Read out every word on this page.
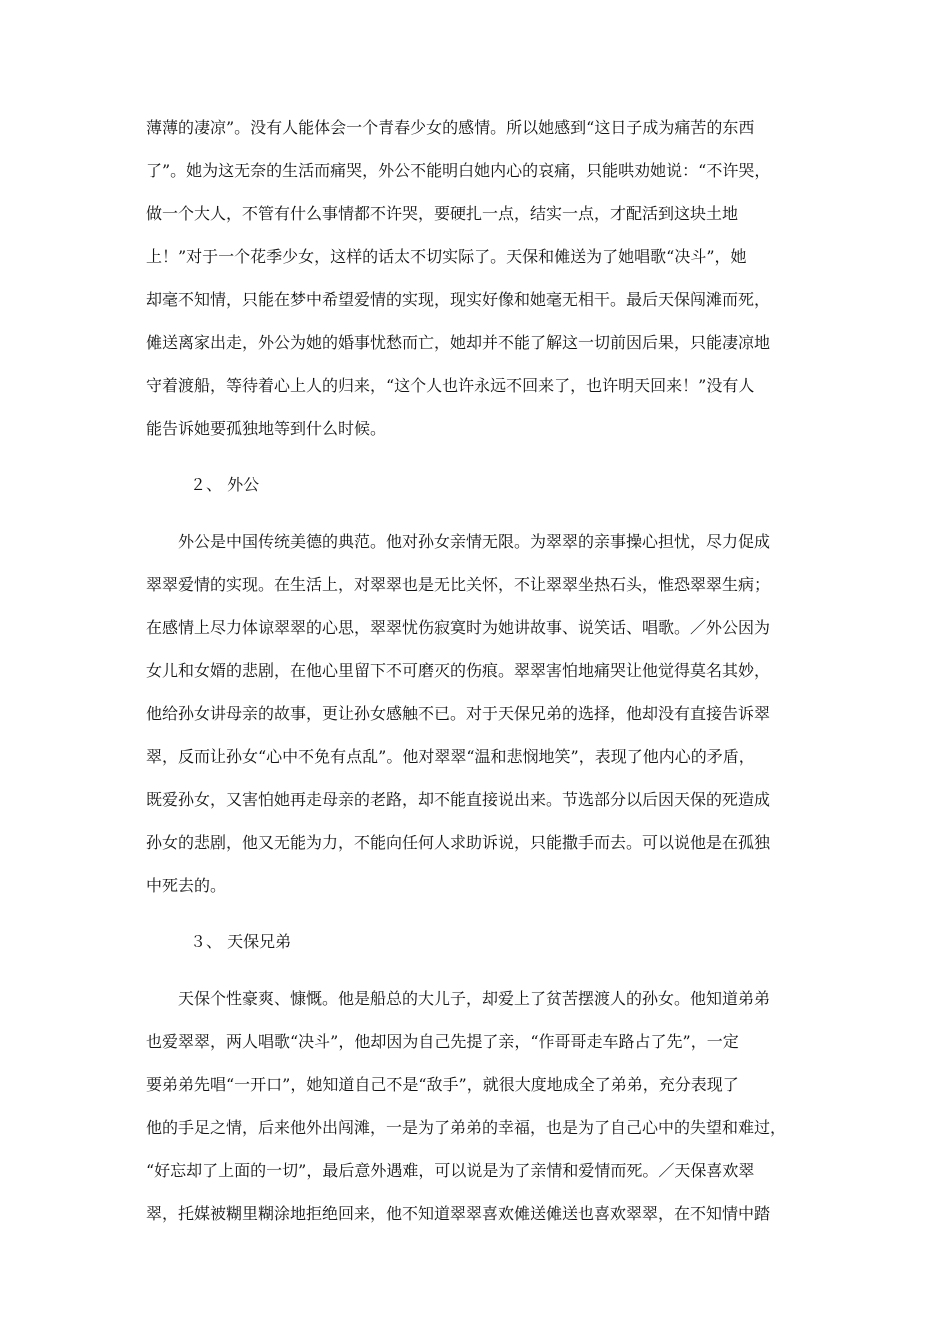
薄薄的凄凉”。没有人能体会一个青春少女的感情。所以她感到“这日子成为痛苦的东西
了”。她为这无奈的生活而痛哭，外公不能明白她内心的哀痛，只能哄劝她说：“不许哭，
做一个大人，不管有什么事情都不许哭，要硬扎一点，结实一点，才配活到这块土地
上！”对于一个花季少女，这样的话太不切实际了。天保和傩送为了她唱歌“决斗”，她
却毫不知情，只能在梦中希望爱情的实现，现实好像和她毫无相干。最后天保闯滩而死，
傩送离家出走，外公为她的婚事忧愁而亡，她却并不能了解这一切前因后果，只能凄凉地
守着渡船，等待着心上人的归来，“这个人也许永远不回来了，也许明天回来！”没有人
能告诉她要孤独地等到什么时候。
２、 外公
　　外公是中国传统美德的典范。他对孙女亲情无限。为翠翠的亲事操心担忧，尽力促成
翠翠爱情的实现。在生活上，对翠翠也是无比关怀，不让翠翠坐热石头，惟恐翠翠生病；
在感情上尽力体谅翠翠的心思，翠翠忧伤寂寞时为她讲故事、说笑话、唱歌。／外公因为
女儿和女婿的悲剧，在他心里留下不可磨灭的伤痕。翠翠害怕地痛哭让他觉得莫名其妙，
他给孙女讲母亲的故事，更让孙女感触不已。对于天保兄弟的选择，他却没有直接告诉翠
翠，反而让孙女“心中不免有点乱”。他对翠翠“温和悲悯地笑”，表现了他内心的矛盾，
既爱孙女，又害怕她再走母亲的老路，却不能直接说出来。节选部分以后因天保的死造成
孙女的悲剧，他又无能为力，不能向任何人求助诉说，只能撒手而去。可以说他是在孤独
中死去的。
３、 天保兄弟
　　天保个性豪爽、慷慨。他是船总的大儿子，却爱上了贫苦摆渡人的孙女。他知道弟弟
也爱翠翠，两人唱歌“决斗”，他却因为自己先提了亲，“作哥哥走车路占了先”，一定
要弟弟先唱“一开口”，她知道自己不是“敌手”，就很大度地成全了弟弟，充分表现了
他的手足之情，后来他外出闯滩，一是为了弟弟的幸福，也是为了自己心中的失望和难过，
“好忘却了上面的一切”，最后意外遇难，可以说是为了亲情和爱情而死。／天保喜欢翠
翠，托媒被糊里糊涂地拒绝回来，他不知道翠翠喜欢傩送傩送也喜欢翠翠，在不知情中踏
